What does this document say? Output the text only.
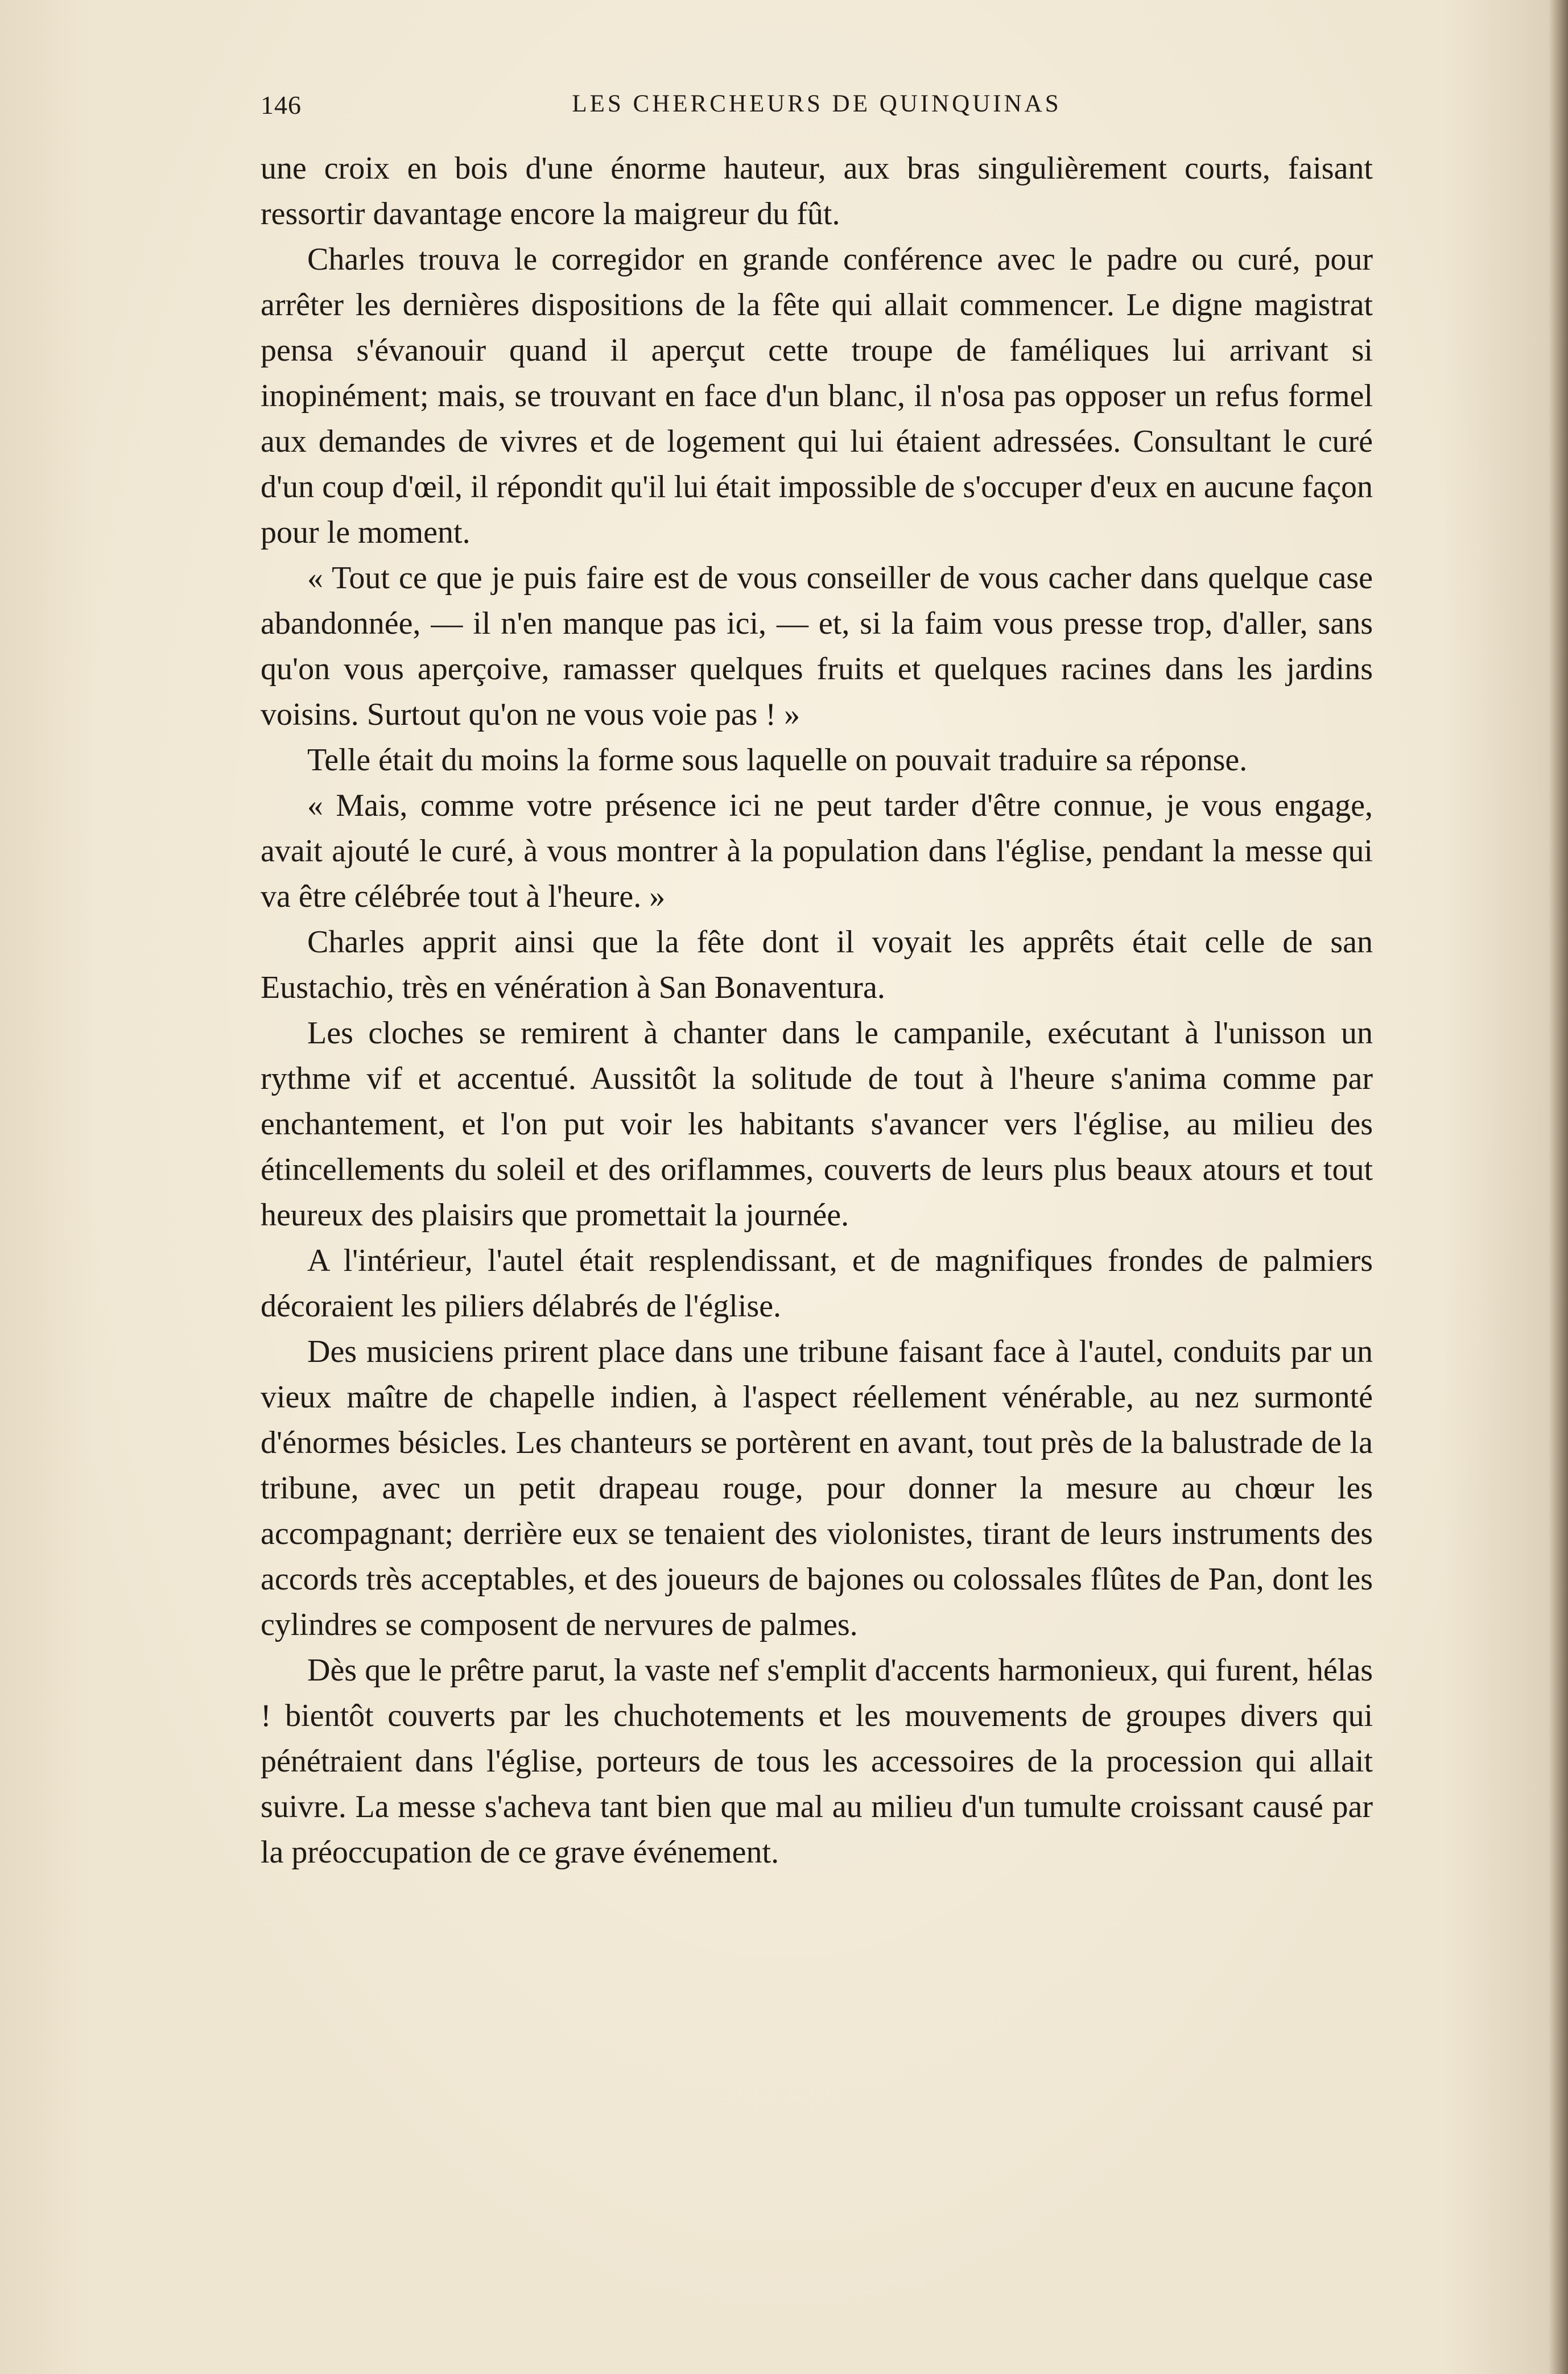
146	LES CHERCHEURS DE QUINQUINAS

une croix en bois d'une énorme hauteur, aux bras singulièrement courts, faisant ressortir davantage encore la maigreur du fût.

Charles trouva le corregidor en grande conférence avec le padre ou curé, pour arrêter les dernières dispositions de la fête qui allait commencer. Le digne magistrat pensa s'évanouir quand il aperçut cette troupe de faméliques lui arrivant si inopinément; mais, se trouvant en face d'un blanc, il n'osa pas opposer un refus formel aux demandes de vivres et de logement qui lui étaient adressées. Consultant le curé d'un coup d'œil, il répondit qu'il lui était impossible de s'occuper d'eux en aucune façon pour le moment.

« Tout ce que je puis faire est de vous conseiller de vous cacher dans quelque case abandonnée, — il n'en manque pas ici, — et, si la faim vous presse trop, d'aller, sans qu'on vous aperçoive, ramasser quelques fruits et quelques racines dans les jardins voisins. Surtout qu'on ne vous voie pas ! »

Telle était du moins la forme sous laquelle on pouvait traduire sa réponse.

« Mais, comme votre présence ici ne peut tarder d'être connue, je vous engage, avait ajouté le curé, à vous montrer à la population dans l'église, pendant la messe qui va être célébrée tout à l'heure. »

Charles apprit ainsi que la fête dont il voyait les apprêts était celle de san Eustachio, très en vénération à San Bonaventura.

Les cloches se remirent à chanter dans le campanile, exécutant à l'unisson un rythme vif et accentué. Aussitôt la solitude de tout à l'heure s'anima comme par enchantement, et l'on put voir les habitants s'avancer vers l'église, au milieu des étincellements du soleil et des oriflammes, couverts de leurs plus beaux atours et tout heureux des plaisirs que promettait la journée.

A l'intérieur, l'autel était resplendissant, et de magnifiques frondes de palmiers décoraient les piliers délabrés de l'église.

Des musiciens prirent place dans une tribune faisant face à l'autel, conduits par un vieux maître de chapelle indien, à l'aspect réellement vénérable, au nez surmonté d'énormes bésicles. Les chanteurs se portèrent en avant, tout près de la balustrade de la tribune, avec un petit drapeau rouge, pour donner la mesure au chœur les accompagnant; derrière eux se tenaient des violonistes, tirant de leurs instruments des accords très acceptables, et des joueurs de bajones ou colossales flûtes de Pan, dont les cylindres se composent de nervures de palmes.

Dès que le prêtre parut, la vaste nef s'emplit d'accents harmonieux, qui furent, hélas ! bientôt couverts par les chuchotements et les mouvements de groupes divers qui pénétraient dans l'église, porteurs de tous les accessoires de la procession qui allait suivre. La messe s'acheva tant bien que mal au milieu d'un tumulte croissant causé par la préoccupation de ce grave événement.
